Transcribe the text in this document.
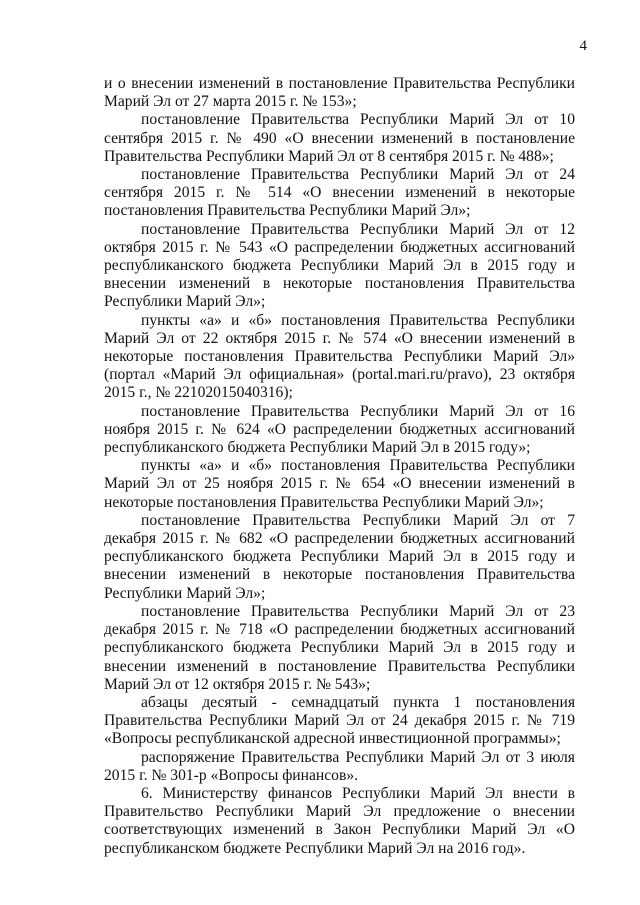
4

и о внесении изменений в постановление Правительства Республики Марий Эл от 27 марта 2015 г. № 153»;

постановление Правительства Республики Марий Эл от 10 сентября 2015 г. № 490 «О внесении изменений в постановление Правительства Республики Марий Эл от 8 сентября 2015 г. № 488»;

постановление Правительства Республики Марий Эл от 24 сентября 2015 г. № 514 «О внесении изменений в некоторые постановления Правительства Республики Марий Эл»;

постановление Правительства Республики Марий Эл от 12 октября 2015 г. № 543 «О распределении бюджетных ассигнований республиканского бюджета Республики Марий Эл в 2015 году и внесении изменений в некоторые постановления Правительства Республики Марий Эл»;

пункты «а» и «б» постановления Правительства Республики Марий Эл от 22 октября 2015 г. № 574 «О внесении изменений в некоторые постановления Правительства Республики Марий Эл» (портал «Марий Эл официальная» (portal.mari.ru/pravo), 23 октября 2015 г., № 22102015040316);

постановление Правительства Республики Марий Эл от 16 ноября 2015 г. № 624 «О распределении бюджетных ассигнований республиканского бюджета Республики Марий Эл в 2015 году»;

пункты «а» и «б» постановления Правительства Республики Марий Эл от 25 ноября 2015 г. № 654 «О внесении изменений в некоторые постановления Правительства Республики Марий Эл»;

постановление Правительства Республики Марий Эл от 7 декабря 2015 г. № 682 «О распределении бюджетных ассигнований республиканского бюджета Республики Марий Эл в 2015 году и внесении изменений в некоторые постановления Правительства Республики Марий Эл»;

постановление Правительства Республики Марий Эл от 23 декабря 2015 г. № 718 «О распределении бюджетных ассигнований республиканского бюджета Республики Марий Эл в 2015 году и внесении изменений в постановление Правительства Республики Марий Эл от 12 октября 2015 г. № 543»;

абзацы десятый - семнадцатый пункта 1 постановления Правительства Республики Марий Эл от 24 декабря 2015 г. № 719 «Вопросы республиканской адресной инвестиционной программы»;

распоряжение Правительства Республики Марий Эл от 3 июля 2015 г. № 301-р «Вопросы финансов».

6. Министерству финансов Республики Марий Эл внести в Правительство Республики Марий Эл предложение о внесении соответствующих изменений в Закон Республики Марий Эл «О республиканском бюджете Республики Марий Эл на 2016 год».
